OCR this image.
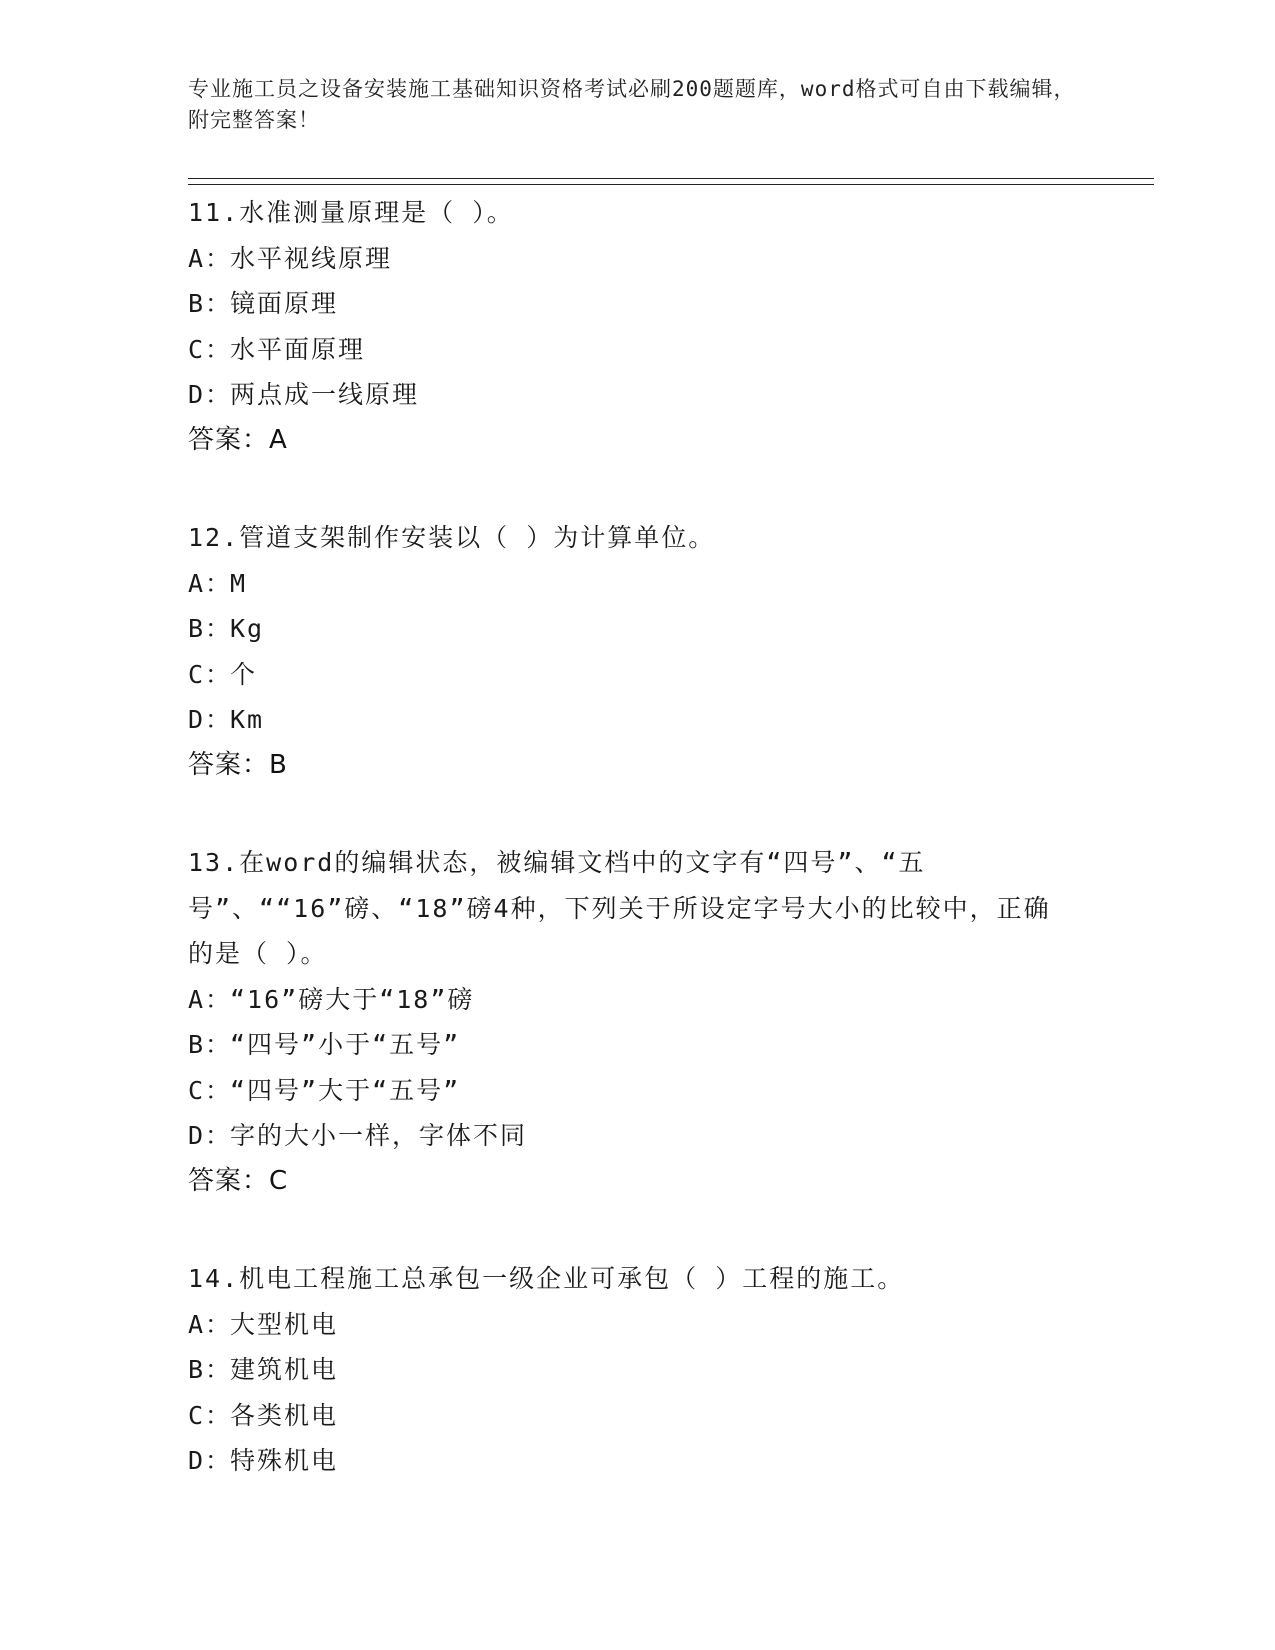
专业施工员之设备安装施工基础知识资格考试必刷200题题库，word格式可自由下载编辑，附完整答案！
11.水准测量原理是（ ）。
A：
水平视线原理
B：
镜面原理
C：
水平面原理
D：
两点成一线原理
答案：A
12.管道支架制作安装以（ ）为计算单位。
A：
M
B：
Kg
C：
个
D：
Km
答案：B
13.在word的编辑状态，被编辑文档中的文字有“四号”、“五号”、““16”磅、“18”磅4种，下列关于所设定字号大小的比较中，正确的是（ ）。
A：
“16”磅大于“18”磅
B：
“四号”小于“五号”
C：
“四号”大于“五号”
D：
字的大小一样，字体不同
答案：C
14.机电工程施工总承包一级企业可承包（ ）工程的施工。
A：
大型机电
B：
建筑机电
C：
各类机电
D：
特殊机电
